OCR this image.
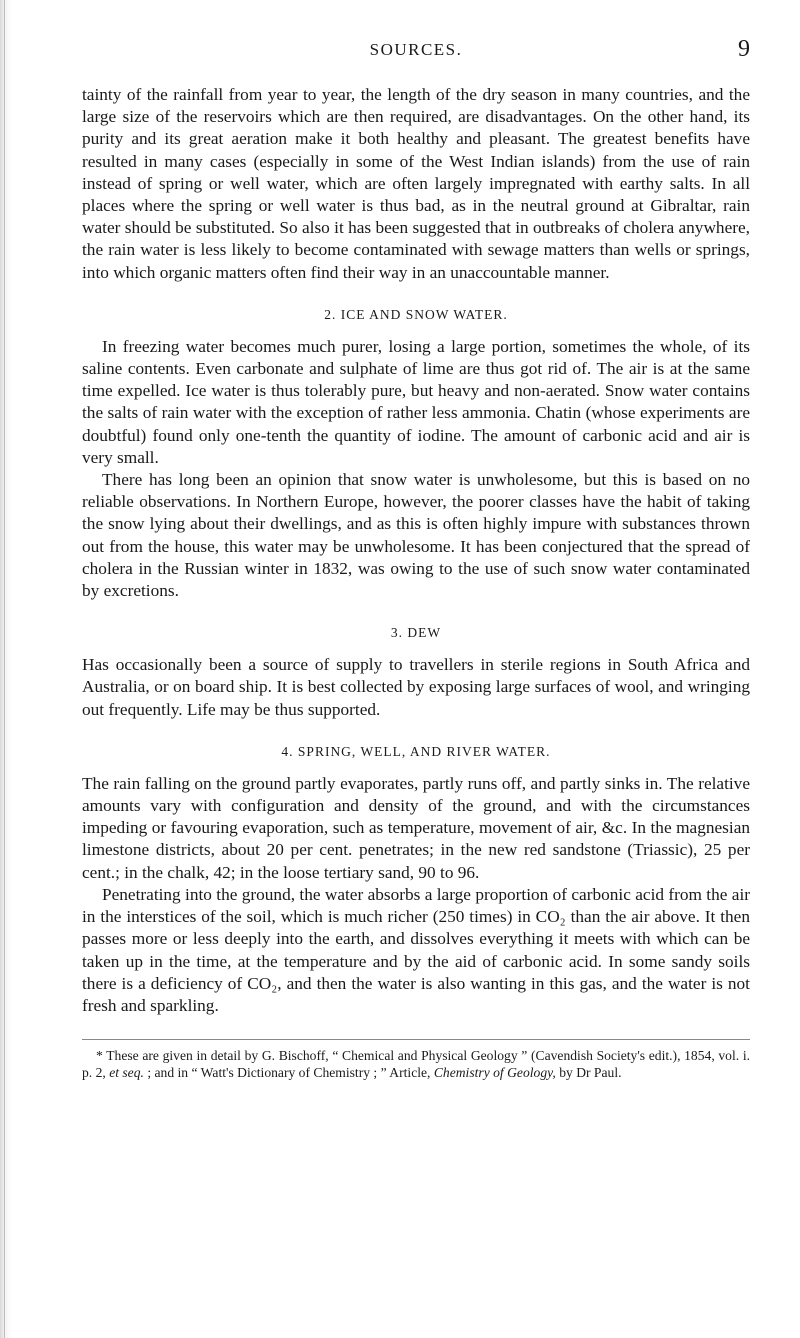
SOURCES.	9

tainty of the rainfall from year to year, the length of the dry season in many countries, and the large size of the reservoirs which are then required, are disadvantages. On the other hand, its purity and its great aeration make it both healthy and pleasant. The greatest benefits have resulted in many cases (especially in some of the West Indian islands) from the use of rain instead of spring or well water, which are often largely impregnated with earthy salts. In all places where the spring or well water is thus bad, as in the neutral ground at Gibraltar, rain water should be substituted. So also it has been suggested that in outbreaks of cholera anywhere, the rain water is less likely to become contaminated with sewage matters than wells or springs, into which organic matters often find their way in an unaccountable manner.

2. ICE AND SNOW WATER.

In freezing water becomes much purer, losing a large portion, sometimes the whole, of its saline contents. Even carbonate and sulphate of lime are thus got rid of. The air is at the same time expelled. Ice water is thus tolerably pure, but heavy and non-aerated. Snow water contains the salts of rain water with the exception of rather less ammonia. Chatin (whose experiments are doubtful) found only one-tenth the quantity of iodine. The amount of carbonic acid and air is very small.

There has long been an opinion that snow water is unwholesome, but this is based on no reliable observations. In Northern Europe, however, the poorer classes have the habit of taking the snow lying about their dwellings, and as this is often highly impure with substances thrown out from the house, this water may be unwholesome. It has been conjectured that the spread of cholera in the Russian winter in 1832, was owing to the use of such snow water contaminated by excretions.

3. DEW

Has occasionally been a source of supply to travellers in sterile regions in South Africa and Australia, or on board ship. It is best collected by exposing large surfaces of wool, and wringing out frequently. Life may be thus supported.

4. SPRING, WELL, AND RIVER WATER.

The rain falling on the ground partly evaporates, partly runs off, and partly sinks in. The relative amounts vary with configuration and density of the ground, and with the circumstances impeding or favouring evaporation, such as temperature, movement of air, &c. In the magnesian limestone districts, about 20 per cent. penetrates; in the new red sandstone (Triassic), 25 per cent.; in the chalk, 42; in the loose tertiary sand, 90 to 96.

Penetrating into the ground, the water absorbs a large proportion of carbonic acid from the air in the interstices of the soil, which is much richer (250 times) in CO₂ than the air above. It then passes more or less deeply into the earth, and dissolves everything it meets with which can be taken up in the time, at the temperature and by the aid of carbonic acid. In some sandy soils there is a deficiency of CO₂, and then the water is also wanting in this gas, and the water is not fresh and sparkling.

* These are given in detail by G. Bischoff, “ Chemical and Physical Geology ” (Cavendish Society's edit.), 1854, vol. i. p. 2, et seq. ; and in “ Watt's Dictionary of Chemistry ; ” Article, Chemistry of Geology, by Dr Paul.
